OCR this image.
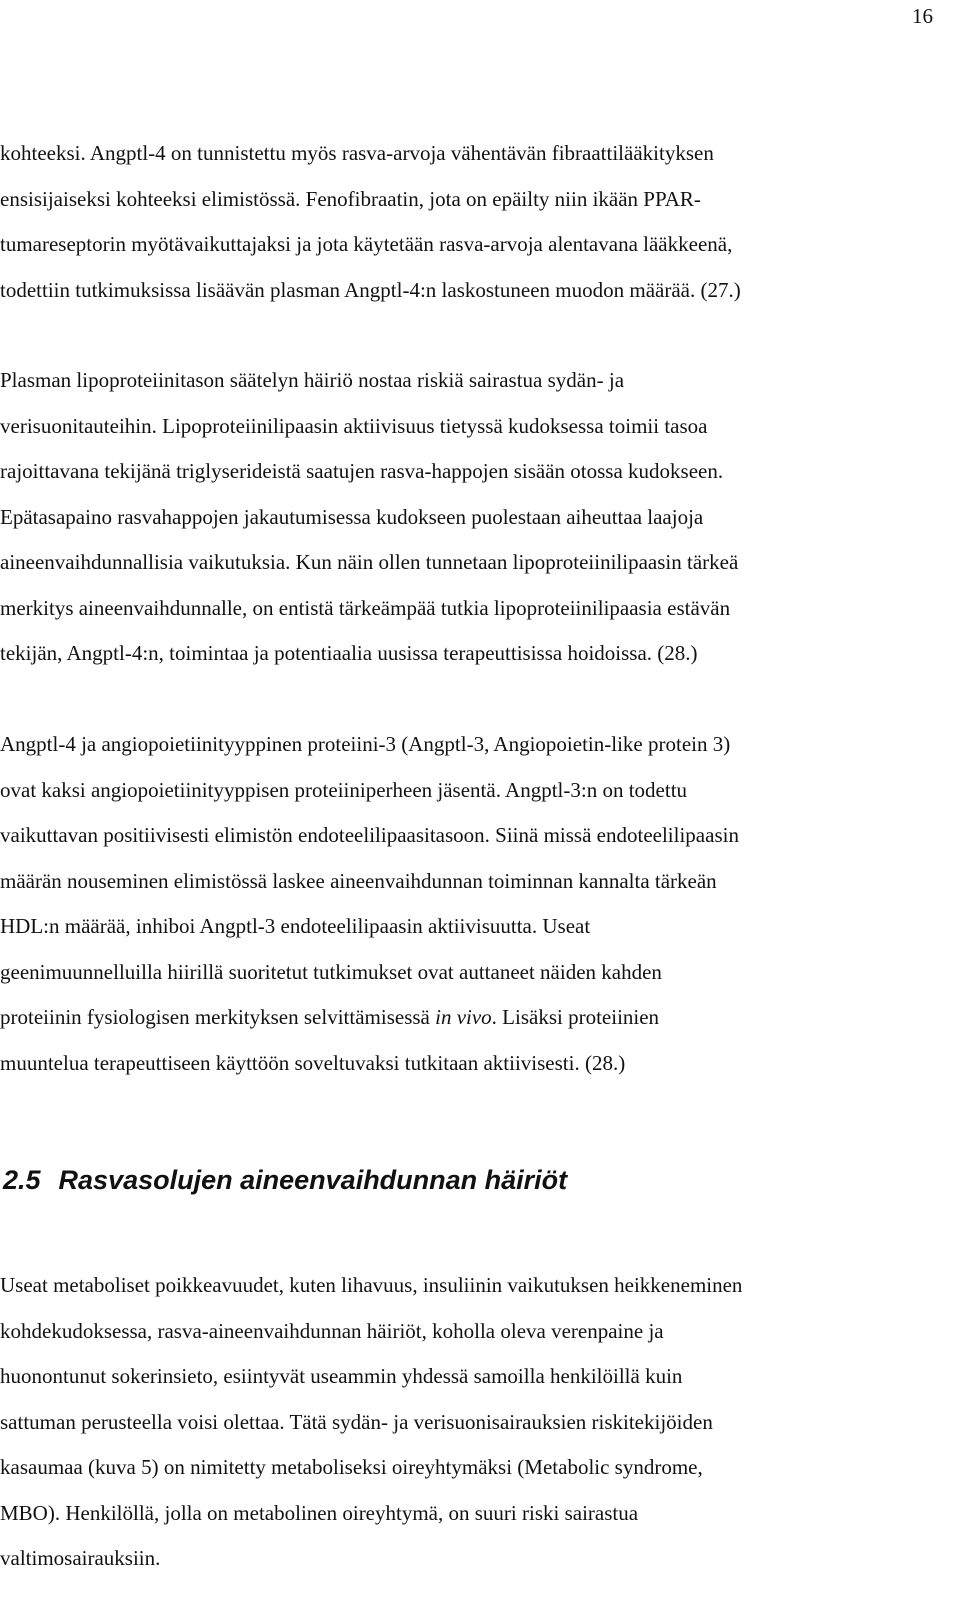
16

kohteeksi. Angptl-4 on tunnistettu myös rasva-arvoja vähentävän fibraattilääkityksen
ensisijaiseksi kohteeksi elimistössä. Fenofibraatin, jota on epäilty niin ikään PPAR-
tumareseptorin myötävaikuttajaksi ja jota käytetään rasva-arvoja alentavana lääkkeenä,
todettiin tutkimuksissa lisäävän plasman Angptl-4:n laskostuneen muodon määrää. (27.)

Plasman lipoproteiinitason säätelyn häiriö nostaa riskiä sairastua sydän- ja
verisuonitauteihin. Lipoproteiinilipaasin aktiivisuus tietyssä kudoksessa toimii tasoa
rajoittavana tekijänä triglyserideistä saatujen rasva-happojen sisään otossa kudokseen.
Epätasapaino rasvahappojen jakautumisessa kudokseen puolestaan aiheuttaa laajoja
aineenvaihdunnallisia vaikutuksia. Kun näin ollen tunnetaan lipoproteiinilipaasin tärkeä
merkitys aineenvaihdunnalle, on entistä tärkeämpää tutkia lipoproteiinilipaasia estävän
tekijän, Angptl-4:n, toimintaa ja potentiaalia uusissa terapeuttisissa hoidoissa. (28.)

Angptl-4 ja angiopoietiinityyppinen proteiini-3 (Angptl-3, Angiopoietin-like protein 3)
ovat kaksi angiopoietiinityyppisen proteiiniperheen jäsentä. Angptl-3:n on todettu
vaikuttavan positiivisesti elimistön endoteelilipaasitasoon. Siinä missä endoteelilipaasin
määrän nouseminen elimistössä laskee aineenvaihdunnan toiminnan kannalta tärkeän
HDL:n määrää, inhiboi Angptl-3 endoteelilipaasin aktiivisuutta. Useat
geenimuunnelluilla hiirillä suoritetut tutkimukset ovat auttaneet näiden kahden
proteiinin fysiologisen merkityksen selvittämisessä in vivo. Lisäksi proteiinien
muuntelua terapeuttiseen käyttöön soveltuvaksi tutkitaan aktiivisesti. (28.)

2.5 Rasvasolujen aineenvaihdunnan häiriöt

Useat metaboliset poikkeavuudet, kuten lihavuus, insuliinin vaikutuksen heikkeneminen
kohdekudoksessa, rasva-aineenvaihdunnan häiriöt, koholla oleva verenpaine ja
huonontunut sokerinsieto, esiintyvät useammin yhdessä samoilla henkilöillä kuin
sattuman perusteella voisi olettaa. Tätä sydän- ja verisuonisairauksien riskitekijöiden
kasaumaa (kuva 5) on nimitetty metaboliseksi oireyhtymäksi (Metabolic syndrome,
MBO). Henkilöllä, jolla on metabolinen oireyhtymä, on suuri riski sairastua
valtimosairauksiin.
